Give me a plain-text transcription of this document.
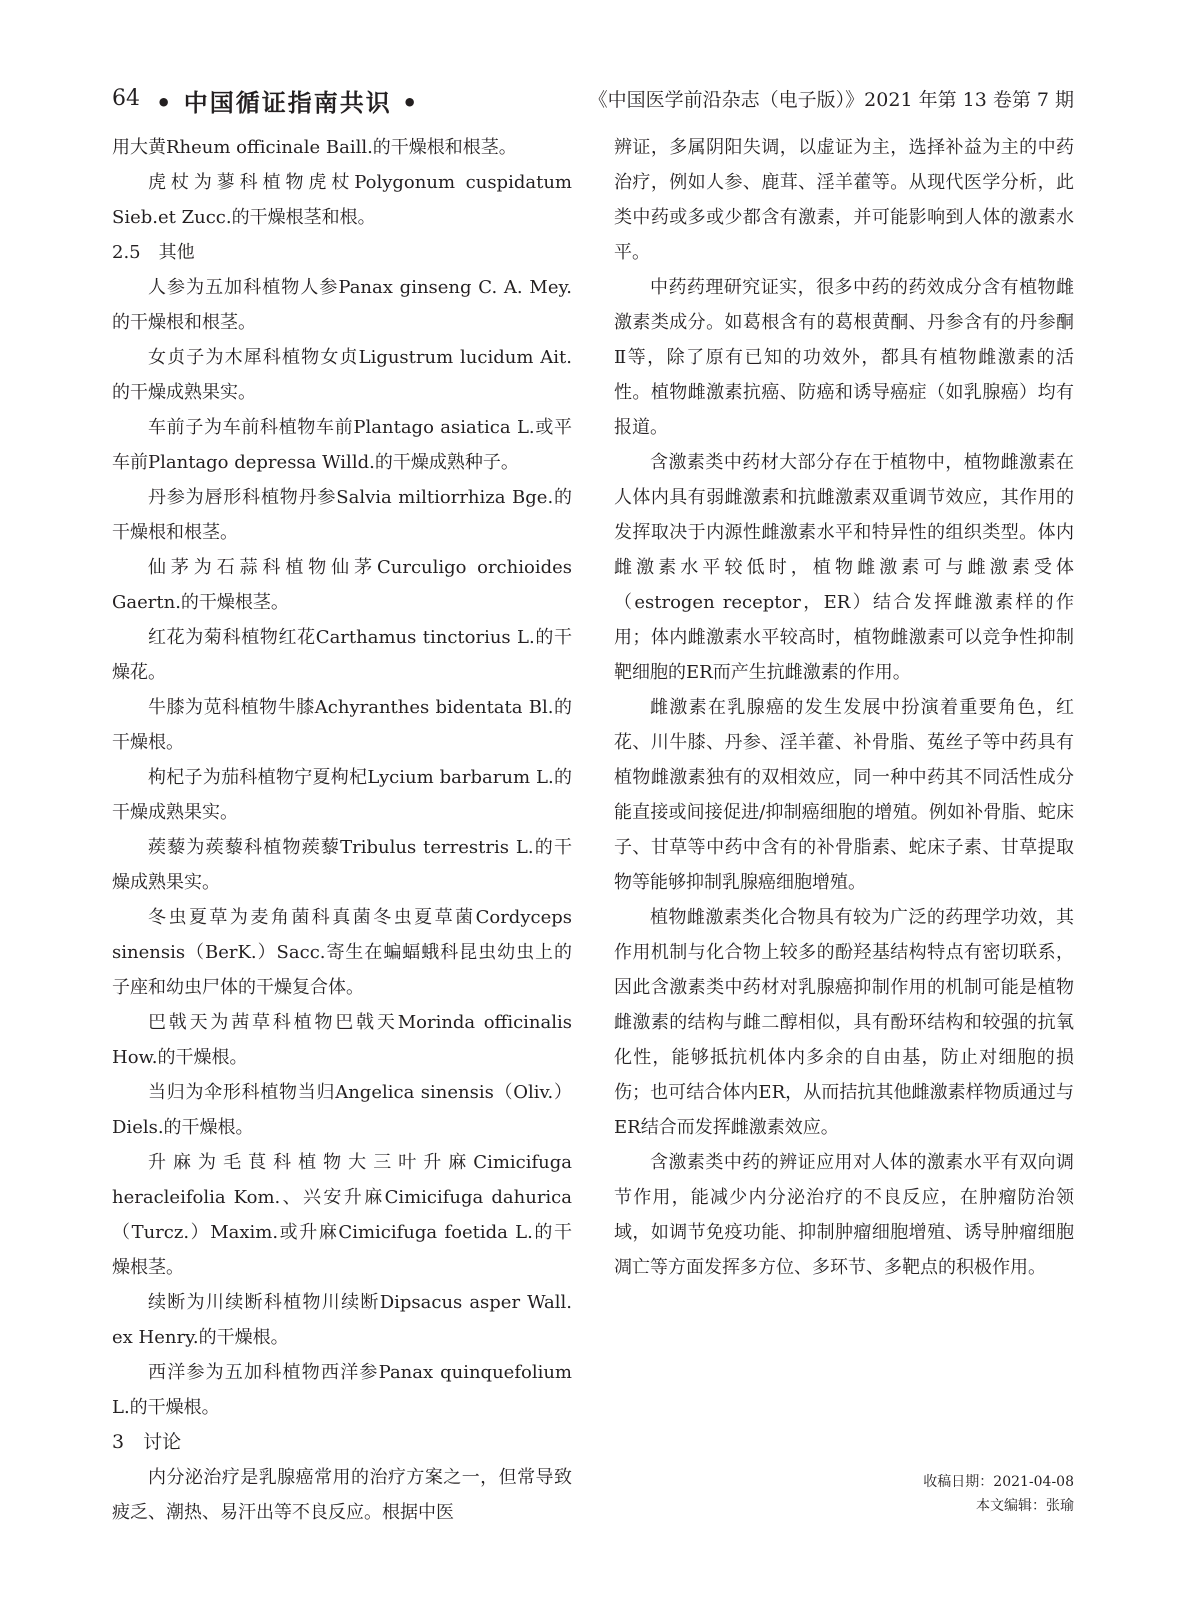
64 • 中国循证指南共识 •	《中国医学前沿杂志（电子版）》2021 年第 13 卷第 7 期

用大黄Rheum officinale Baill.的干燥根和根茎。

虎杖为蓼科植物虎杖Polygonum cuspidatum Sieb.et Zucc.的干燥根茎和根。

2.5　其他

人参为五加科植物人参Panax ginseng C. A. Mey.的干燥根和根茎。

女贞子为木犀科植物女贞Ligustrum lucidum Ait.的干燥成熟果实。

车前子为车前科植物车前Plantago asiatica L.或平车前Plantago depressa Willd.的干燥成熟种子。

丹参为唇形科植物丹参Salvia miltiorrhiza Bge.的干燥根和根茎。

仙茅为石蒜科植物仙茅Curculigo orchioides Gaertn.的干燥根茎。

红花为菊科植物红花Carthamus tinctorius L.的干燥花。

牛膝为苋科植物牛膝Achyranthes bidentata Bl.的干燥根。

枸杞子为茄科植物宁夏枸杞Lycium barbarum L.的干燥成熟果实。

蒺藜为蒺藜科植物蒺藜Tribulus terrestris L.的干燥成熟果实。

冬虫夏草为麦角菌科真菌冬虫夏草菌Cordyceps sinensis（BerK.）Sacc.寄生在蝙蝠蛾科昆虫幼虫上的子座和幼虫尸体的干燥复合体。

巴戟天为茜草科植物巴戟天Morinda officinalis How.的干燥根。

当归为伞形科植物当归Angelica sinensis（Oliv.）Diels.的干燥根。

升麻为毛茛科植物大三叶升麻Cimicifuga heracleifolia Kom.、兴安升麻Cimicifuga dahurica（Turcz.）Maxim.或升麻Cimicifuga foetida L.的干燥根茎。

续断为川续断科植物川续断Dipsacus asper Wall. ex Henry.的干燥根。

西洋参为五加科植物西洋参Panax quinquefolium L.的干燥根。

3　讨论

内分泌治疗是乳腺癌常用的治疗方案之一，但常导致疲乏、潮热、易汗出等不良反应。根据中医

辨证，多属阴阳失调，以虚证为主，选择补益为主的中药治疗，例如人参、鹿茸、淫羊藿等。从现代医学分析，此类中药或多或少都含有激素，并可能影响到人体的激素水平。

中药药理研究证实，很多中药的药效成分含有植物雌激素类成分。如葛根含有的葛根黄酮、丹参含有的丹参酮Ⅱ等，除了原有已知的功效外，都具有植物雌激素的活性。植物雌激素抗癌、防癌和诱导癌症（如乳腺癌）均有报道。

含激素类中药材大部分存在于植物中，植物雌激素在人体内具有弱雌激素和抗雌激素双重调节效应，其作用的发挥取决于内源性雌激素水平和特异性的组织类型。体内雌激素水平较低时，植物雌激素可与雌激素受体（estrogen receptor，ER）结合发挥雌激素样的作用；体内雌激素水平较高时，植物雌激素可以竞争性抑制靶细胞的ER而产生抗雌激素的作用。

雌激素在乳腺癌的发生发展中扮演着重要角色，红花、川牛膝、丹参、淫羊藿、补骨脂、菟丝子等中药具有植物雌激素独有的双相效应，同一种中药其不同活性成分能直接或间接促进/抑制癌细胞的增殖。例如补骨脂、蛇床子、甘草等中药中含有的补骨脂素、蛇床子素、甘草提取物等能够抑制乳腺癌细胞增殖。

植物雌激素类化合物具有较为广泛的药理学功效，其作用机制与化合物上较多的酚羟基结构特点有密切联系，因此含激素类中药材对乳腺癌抑制作用的机制可能是植物雌激素的结构与雌二醇相似，具有酚环结构和较强的抗氧化性，能够抵抗机体内多余的自由基，防止对细胞的损伤；也可结合体内ER，从而拮抗其他雌激素样物质通过与ER结合而发挥雌激素效应。

含激素类中药的辨证应用对人体的激素水平有双向调节作用，能减少内分泌治疗的不良反应，在肿瘤防治领域，如调节免疫功能、抑制肿瘤细胞增殖、诱导肿瘤细胞凋亡等方面发挥多方位、多环节、多靶点的积极作用。

收稿日期：2021-04-08
本文编辑：张瑜
